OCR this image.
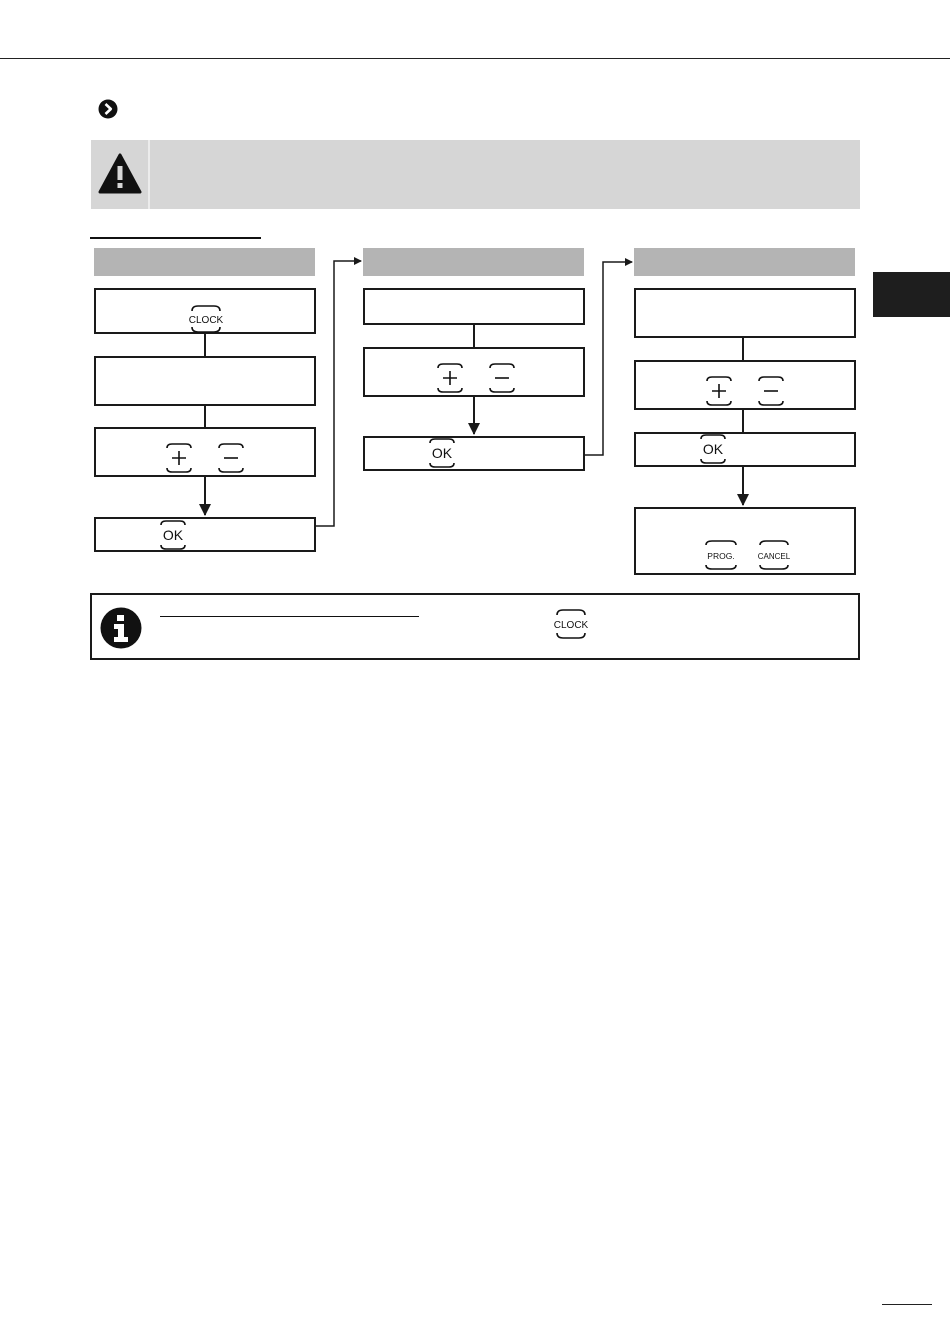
CLOCK
OK
OK	OK
PROG.	CANCEL
CLOCK
